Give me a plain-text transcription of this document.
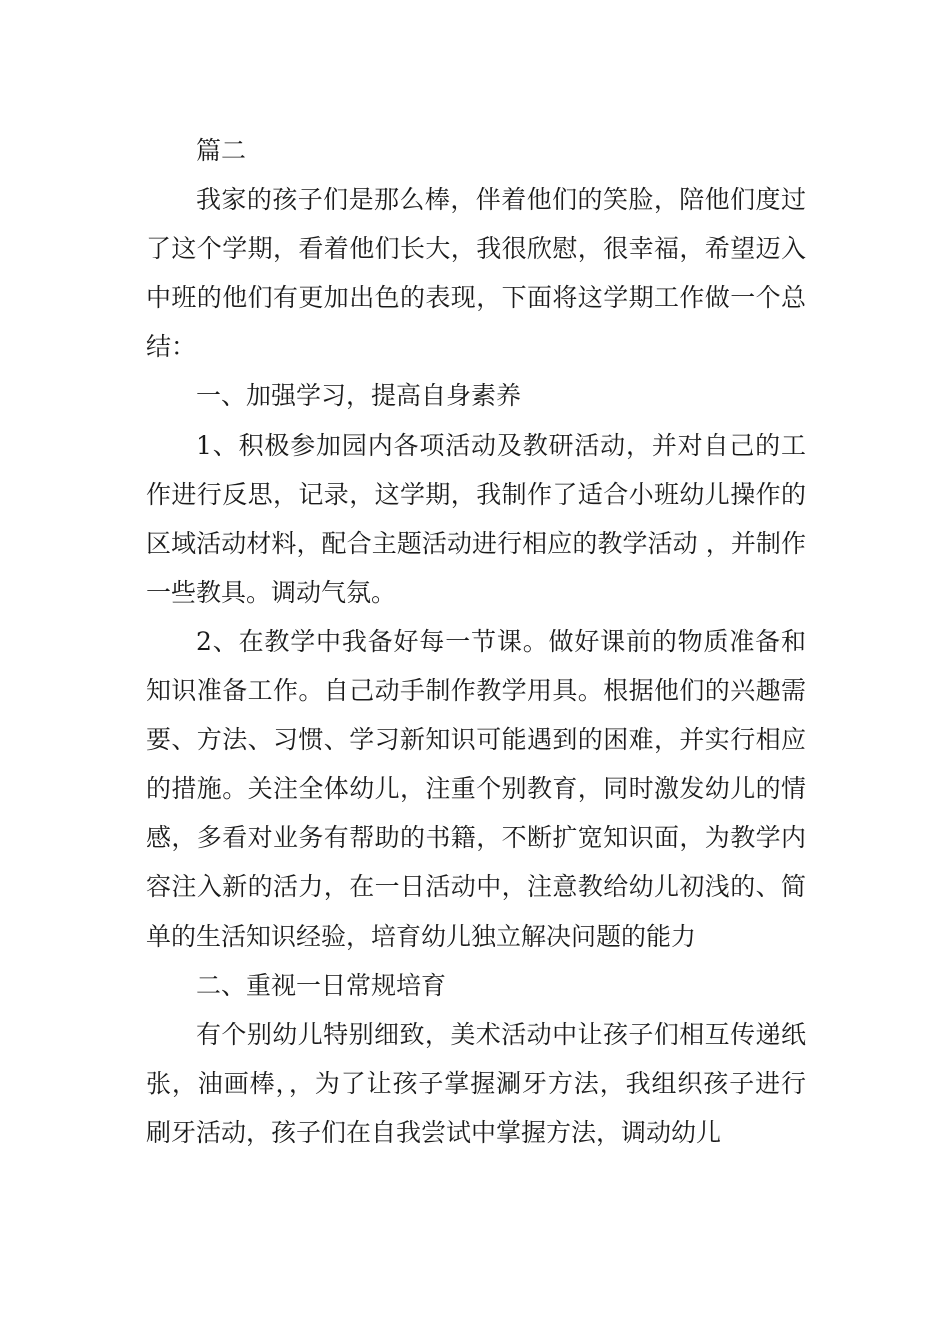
篇二

我家的孩子们是那么棒，伴着他们的笑脸，陪他们度过了这个学期，看着他们长大，我很欣慰，很幸福，希望迈入中班的他们有更加出色的表现，下面将这学期工作做一个总结：

一、加强学习，提高自身素养

1、积极参加园内各项活动及教研活动，并对自己的工作进行反思，记录，这学期，我制作了适合小班幼儿操作的区域活动材料，配合主题活动进行相应的教学活动 ，并制作一些教具。调动气氛。

2、在教学中我备好每一节课。做好课前的物质准备和知识准备工作。自己动手制作教学用具。根据他们的兴趣需要、方法、习惯、学习新知识可能遇到的困难，并实行相应的措施。关注全体幼儿，注重个别教育，同时激发幼儿的情感，多看对业务有帮助的书籍，不断扩宽知识面，为教学内容注入新的活力，在一日活动中，注意教给幼儿初浅的、简单的生活知识经验，培育幼儿独立解决问题的能力

二、重视一日常规培育

有个别幼儿特别细致，美术活动中让孩子们相互传递纸张，油画棒，，为了让孩子掌握涮牙方法，我组织孩子进行刷牙活动，孩子们在自我尝试中掌握方法，调动幼儿
